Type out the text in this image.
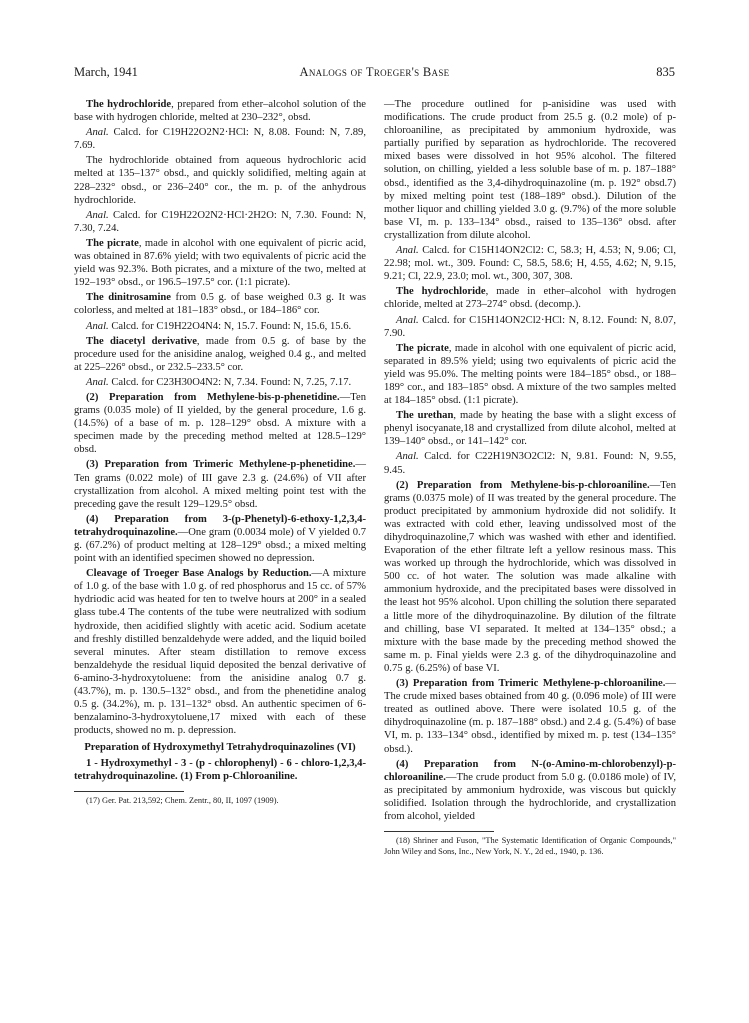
March, 1941	Analogs of Troeger's Base	835

The hydrochloride, prepared from ether–alcohol solution of the base with hydrogen chloride, melted at 230–232°, obsd.

Anal. Calcd. for C19H22O2N2·HCl: N, 8.08. Found: N, 7.89, 7.69.

The hydrochloride obtained from aqueous hydrochloric acid melted at 135–137° obsd., and quickly solidified, melting again at 228–232° obsd., or 236–240° cor., the m. p. of the anhydrous hydrochloride.

Anal. Calcd. for C19H22O2N2·HCl·2H2O: N, 7.30. Found: N, 7.30, 7.24.

The picrate, made in alcohol with one equivalent of picric acid, was obtained in 87.6% yield; with two equivalents of picric acid the yield was 92.3%. Both picrates, and a mixture of the two, melted at 192–193° obsd., or 196.5–197.5° cor. (1:1 picrate).

The dinitrosamine from 0.5 g. of base weighed 0.3 g. It was colorless, and melted at 181–183° obsd., or 184–186° cor.

Anal. Calcd. for C19H22O4N4: N, 15.7. Found: N, 15.6, 15.6.

The diacetyl derivative, made from 0.5 g. of base by the procedure used for the anisidine analog, weighed 0.4 g., and melted at 225–226° obsd., or 232.5–233.5° cor.

Anal. Calcd. for C23H30O4N2: N, 7.34. Found: N, 7.25, 7.17.

(2) Preparation from Methylene-bis-p-phenetidine.—Ten grams (0.035 mole) of II yielded, by the general procedure, 1.6 g. (14.5%) of a base of m. p. 128–129° obsd. A mixture with a specimen made by the preceding method melted at 128.5–129° obsd.

(3) Preparation from Trimeric Methylene-p-phenetidine.—Ten grams (0.022 mole) of III gave 2.3 g. (24.6%) of VII after crystallization from alcohol. A mixed melting point test with the preceding gave the result 129–129.5° obsd.

(4) Preparation from 3-(p-Phenetyl)-6-ethoxy-1,2,3,4-tetrahydroquinazoline.—One gram (0.0034 mole) of V yielded 0.7 g. (67.2%) of product melting at 128–129° obsd.; a mixed melting point with an identified specimen showed no depression.

Cleavage of Troeger Base Analogs by Reduction.—A mixture of 1.0 g. of the base with 1.0 g. of red phosphorus and 15 cc. of 57% hydriodic acid was heated for ten to twelve hours at 200° in a sealed glass tube.4 The contents of the tube were neutralized with sodium hydroxide, then acidified slightly with acetic acid. Sodium acetate and freshly distilled benzaldehyde were added, and the liquid boiled several minutes. After steam distillation to remove excess benzaldehyde the residual liquid deposited the benzal derivative of 6-amino-3-hydroxytoluene: from the anisidine analog 0.7 g. (43.7%), m. p. 130.5–132° obsd., and from the phenetidine analog 0.5 g. (34.2%), m. p. 131–132° obsd. An authentic specimen of 6-benzalamino-3-hydroxytoluene,17 mixed with each of these products, showed no m. p. depression.

Preparation of Hydroxymethyl Tetrahydroquinazolines (VI)

1 - Hydroxymethyl - 3 - (p - chlorophenyl) - 6 - chloro-1,2,3,4-tetrahydroquinazoline. (1) From p-Chloroaniline.

(17) Ger. Pat. 213,592; Chem. Zentr., 80, II, 1097 (1909).

—The procedure outlined for p-anisidine was used with modifications. The crude product from 25.5 g. (0.2 mole) of p-chloroaniline, as precipitated by ammonium hydroxide, was partially purified by separation as hydrochloride. The recovered mixed bases were dissolved in hot 95% alcohol. The filtered solution, on chilling, yielded a less soluble base of m. p. 187–188° obsd., identified as the 3,4-dihydroquinazoline (m. p. 192° obsd.7) by mixed melting point test (188–189° obsd.). Dilution of the mother liquor and chilling yielded 3.0 g. (9.7%) of the more soluble base VI, m. p. 133–134° obsd., raised to 135–136° obsd. after crystallization from dilute alcohol.

Anal. Calcd. for C15H14ON2Cl2: C, 58.3; H, 4.53; N, 9.06; Cl, 22.98; mol. wt., 309. Found: C, 58.5, 58.6; H, 4.55, 4.62; N, 9.15, 9.21; Cl, 22.9, 23.0; mol. wt., 300, 307, 308.

The hydrochloride, made in ether–alcohol with hydrogen chloride, melted at 273–274° obsd. (decomp.).

Anal. Calcd. for C15H14ON2Cl2·HCl: N, 8.12. Found: N, 8.07, 7.90.

The picrate, made in alcohol with one equivalent of picric acid, separated in 89.5% yield; using two equivalents of picric acid the yield was 95.0%. The melting points were 184–185° obsd., or 188–189° cor., and 183–185° obsd. A mixture of the two samples melted at 184–185° obsd. (1:1 picrate).

The urethan, made by heating the base with a slight excess of phenyl isocyanate,18 and crystallized from dilute alcohol, melted at 139–140° obsd., or 141–142° cor.

Anal. Calcd. for C22H19N3O2Cl2: N, 9.81. Found: N, 9.55, 9.45.

(2) Preparation from Methylene-bis-p-chloroaniline.—Ten grams (0.0375 mole) of II was treated by the general procedure. The product precipitated by ammonium hydroxide did not solidify. It was extracted with cold ether, leaving undissolved most of the dihydroquinazoline,7 which was washed with ether and identified. Evaporation of the ether filtrate left a yellow resinous mass. This was worked up through the hydrochloride, which was dissolved in 500 cc. of hot water. The solution was made alkaline with ammonium hydroxide, and the precipitated bases were dissolved in the least hot 95% alcohol. Upon chilling the solution there separated a little more of the dihydroquinazoline. By dilution of the filtrate and chilling, base VI separated. It melted at 134–135° obsd.; a mixture with the base made by the preceding method showed the same m. p. Final yields were 2.3 g. of the dihydroquinazoline and 0.75 g. (6.25%) of base VI.

(3) Preparation from Trimeric Methylene-p-chloroaniline.—The crude mixed bases obtained from 40 g. (0.096 mole) of III were treated as outlined above. There were isolated 10.5 g. of the dihydroquinazoline (m. p. 187–188° obsd.) and 2.4 g. (5.4%) of base VI, m. p. 133–134° obsd., identified by mixed m. p. test (134–135° obsd.).

(4) Preparation from N-(o-Amino-m-chlorobenzyl)-p-chloroaniline.—The crude product from 5.0 g. (0.0186 mole) of IV, as precipitated by ammonium hydroxide, was viscous but quickly solidified. Isolation through the hydrochloride, and crystallization from alcohol, yielded

(18) Shriner and Fuson, "The Systematic Identification of Organic Compounds," John Wiley and Sons, Inc., New York, N. Y., 2d ed., 1940, p. 136.
